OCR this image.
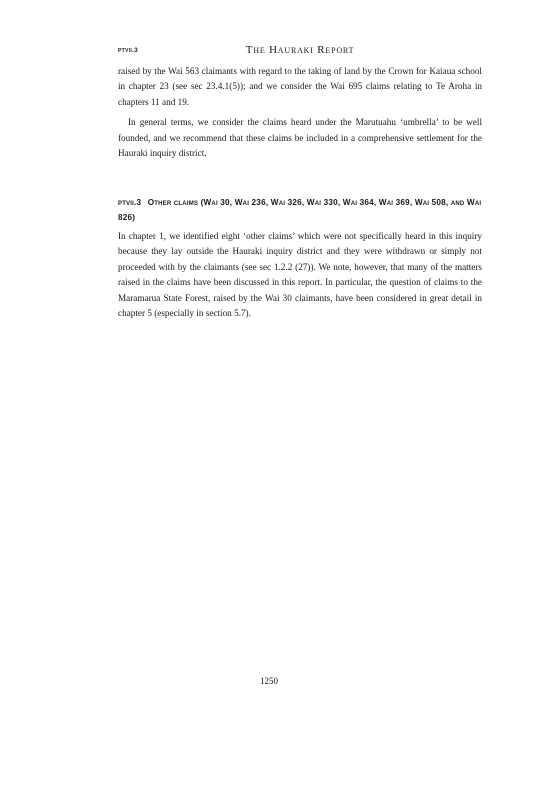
ptvii.3	The Hauraki Report

raised by the Wai 563 claimants with regard to the taking of land by the Crown for Kaiaua school in chapter 23 (see sec 23.4.1(5)); and we consider the Wai 695 claims relating to Te Aroha in chapters 11 and 19.

In general terms, we consider the claims heard under the Marutuahu ‘umbrella’ to be well founded, and we recommend that these claims be included in a comprehensive settlement for the Hauraki inquiry district.

ptvii.3 Other claims (Wai 30, Wai 236, Wai 326, Wai 330, Wai 364, Wai 369, Wai 508, and Wai 826)

In chapter 1, we identified eight ‘other claims’ which were not specifically heard in this inquiry because they lay outside the Hauraki inquiry district and they were withdrawn or simply not proceeded with by the claimants (see sec 1.2.2 (27)). We note, however, that many of the matters raised in the claims have been discussed in this report. In particular, the question of claims to the Maramarua State Forest, raised by the Wai 30 claimants, have been considered in great detail in chapter 5 (especially in section 5.7).

1250
